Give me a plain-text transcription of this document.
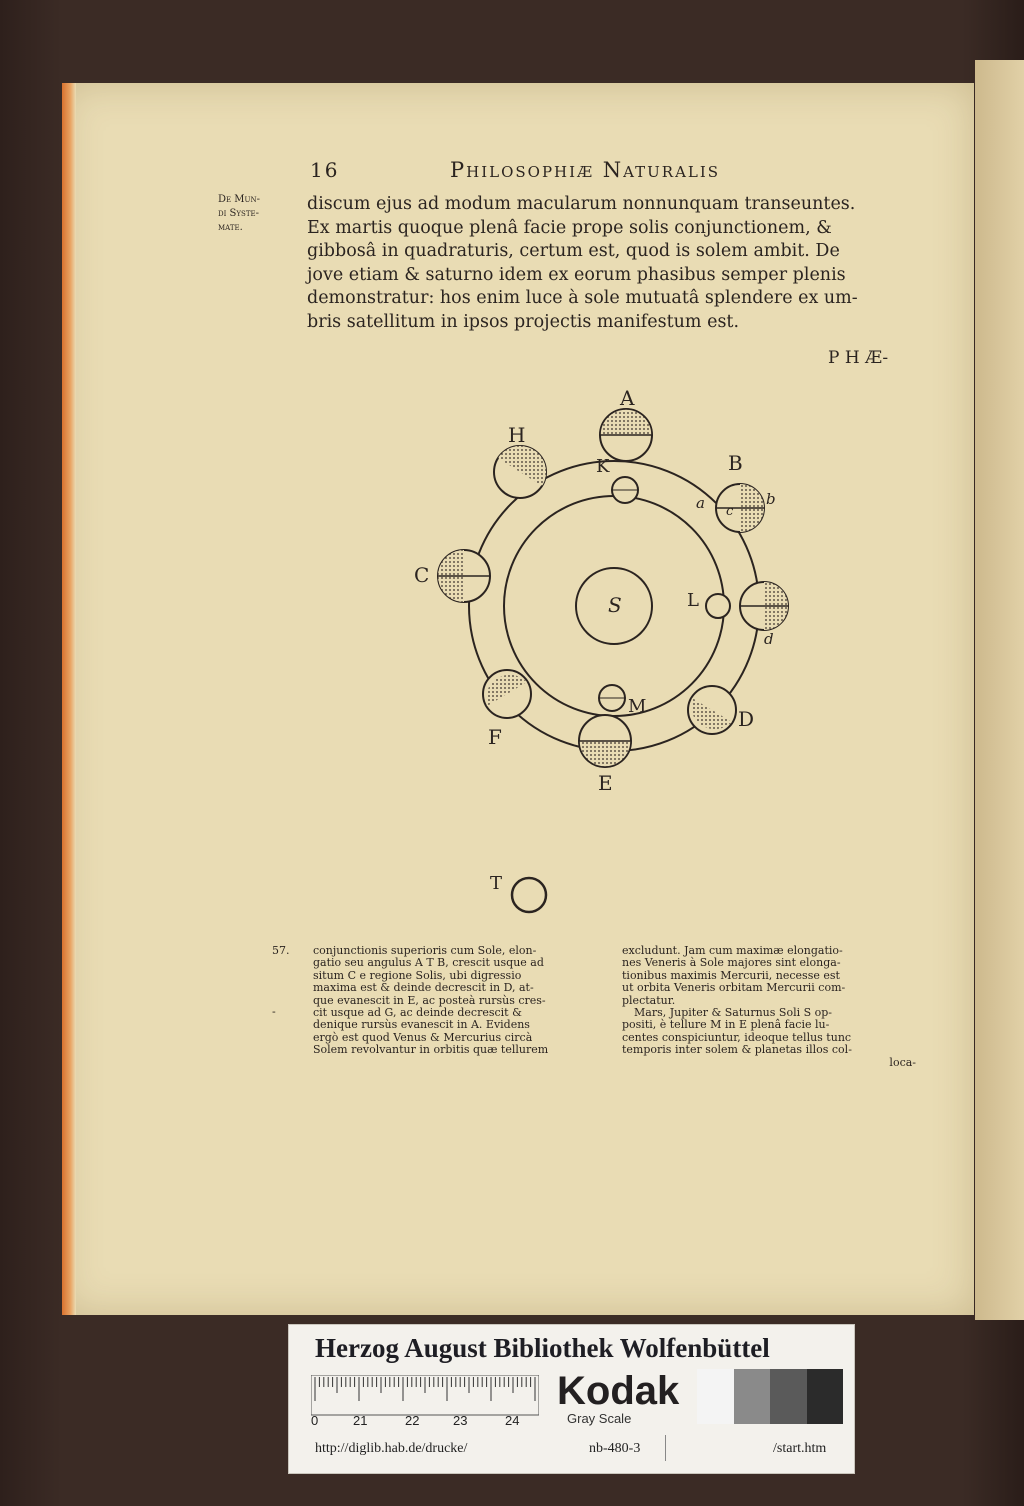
16	Philosophiæ Naturalis
De Mun-
di Syste-
mate.
discum ejus ad modum macularum nonnunquam transeuntes.
Ex martis quoque plenâ facie prope solis conjunctionem, &
gibbosâ in quadraturis, certum est, quod is solem ambit. De
jove etiam & saturno idem ex eorum phasibus semper plenis
demonstratur: hos enim luce à sole mutuatâ splendere ex um-
bris satellitum in ipsos projectis manifestum est.
P H Æ-
S
A
B
C
D
E
F
H
K
L
M
a	b
c
d
T
57.
-
conjunctionis superioris cum Sole, elon-
gatio seu angulus A T B, crescit usque ad
situm C e regione Solis, ubi digressio
maxima est & deinde decrescit in D, at-
que evanescit in E, ac posteà rursùs cres-
cit usque ad G, ac deinde decrescit &
denique rursùs evanescit in A. Evidens
ergò est quod Venus & Mercurius circà
Solem revolvantur in orbitis quæ tellurem
excludunt. Jam cum maximæ elongatio-
nes Veneris à Sole majores sint elonga-
tionibus maximis Mercurii, necesse est
ut orbita Veneris orbitam Mercurii com-
plectatur.
Mars, Jupiter & Saturnus Soli S op-
positi, è tellure M in E plenâ facie lu-
centes conspiciuntur, ideoque tellus tunc
temporis inter solem & planetas illos col-
loca-
Herzog August Bibliothek Wolfenbüttel
0	21	22	23	24
Kodak
Gray Scale
http://diglib.hab.de/drucke/	nb-480-3	/start.htm
